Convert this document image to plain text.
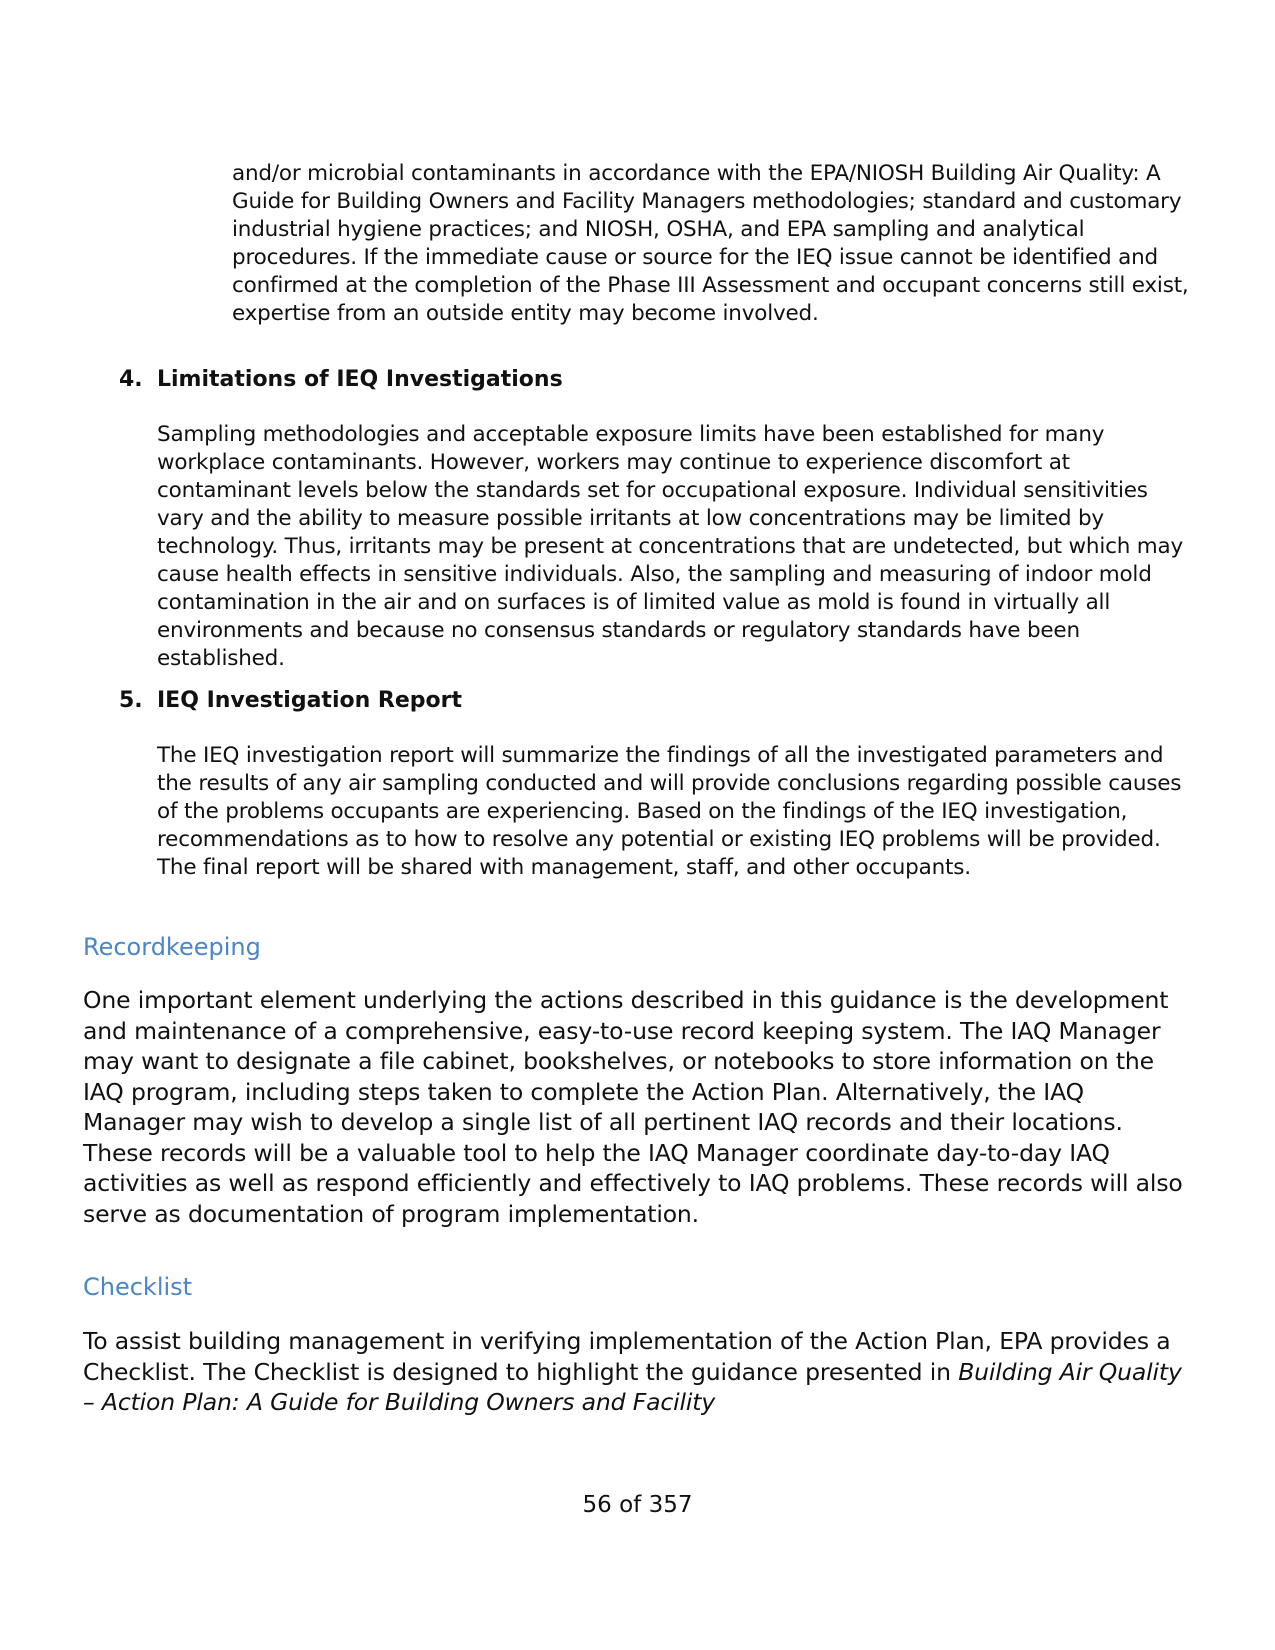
and/or microbial contaminants in accordance with the EPA/NIOSH Building Air Quality: A Guide for Building Owners and Facility Managers methodologies; standard and customary industrial hygiene practices; and NIOSH, OSHA, and EPA sampling and analytical procedures. If the immediate cause or source for the IEQ issue cannot be identified and confirmed at the completion of the Phase III Assessment and occupant concerns still exist, expertise from an outside entity may become involved.

4. Limitations of IEQ Investigations

Sampling methodologies and acceptable exposure limits have been established for many workplace contaminants. However, workers may continue to experience discomfort at contaminant levels below the standards set for occupational exposure. Individual sensitivities vary and the ability to measure possible irritants at low concentrations may be limited by technology. Thus, irritants may be present at concentrations that are undetected, but which may cause health effects in sensitive individuals. Also, the sampling and measuring of indoor mold contamination in the air and on surfaces is of limited value as mold is found in virtually all environments and because no consensus standards or regulatory standards have been established.

5. IEQ Investigation Report

The IEQ investigation report will summarize the findings of all the investigated parameters and the results of any air sampling conducted and will provide conclusions regarding possible causes of the problems occupants are experiencing. Based on the findings of the IEQ investigation, recommendations as to how to resolve any potential or existing IEQ problems will be provided. The final report will be shared with management, staff, and other occupants.

Recordkeeping

One important element underlying the actions described in this guidance is the development and maintenance of a comprehensive, easy-to-use record keeping system. The IAQ Manager may want to designate a file cabinet, bookshelves, or notebooks to store information on the IAQ program, including steps taken to complete the Action Plan. Alternatively, the IAQ Manager may wish to develop a single list of all pertinent IAQ records and their locations. These records will be a valuable tool to help the IAQ Manager coordinate day-to-day IAQ activities as well as respond efficiently and effectively to IAQ problems. These records will also serve as documentation of program implementation.

Checklist

To assist building management in verifying implementation of the Action Plan, EPA provides a Checklist. The Checklist is designed to highlight the guidance presented in Building Air Quality – Action Plan: A Guide for Building Owners and Facility

56 of 357
